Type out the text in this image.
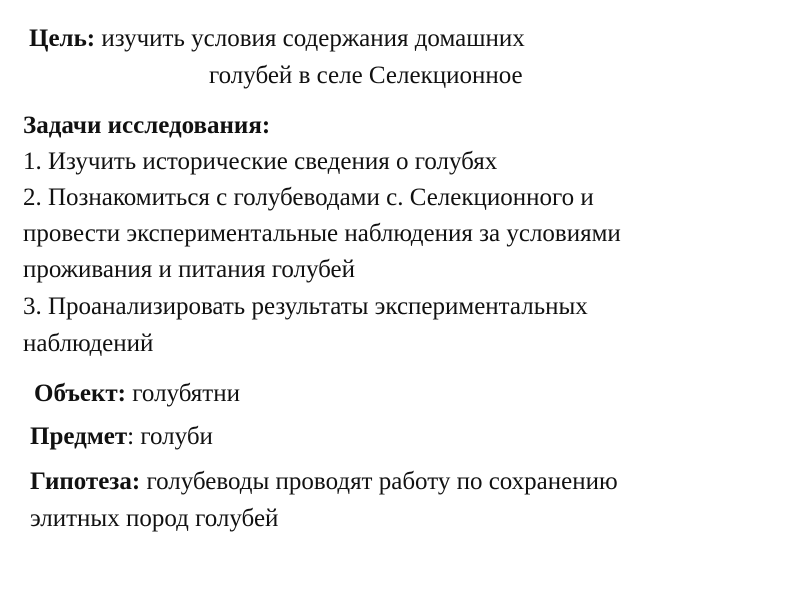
Цель: изучить условия содержания домашних

голубей в селе Селекционное

Задачи исследования:

1. Изучить исторические сведения о голубях

2. Познакомиться с голубеводами с. Селекционного и

провести экспериментальные наблюдения за условиями

проживания и питания голубей

3. Проанализировать результаты экспериментальных

наблюдений

Объект: голубятни

Предмет: голуби

Гипотеза: голубеводы проводят работу по сохранению

элитных пород голубей
